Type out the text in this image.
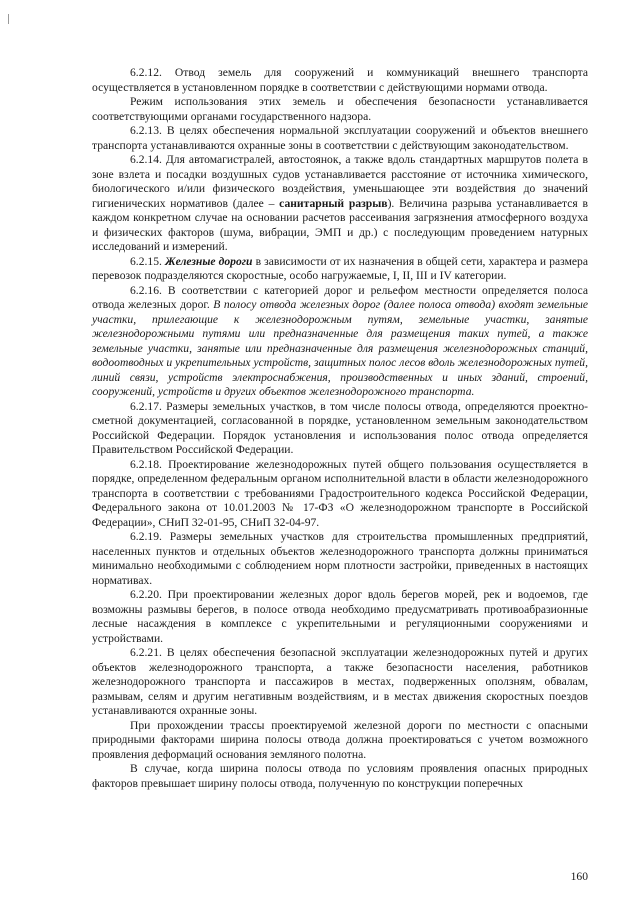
6.2.12. Отвод земель для сооружений и коммуникаций внешнего транспорта осуществляется в установленном порядке в соответствии с действующими нормами отвода.

Режим использования этих земель и обеспечения безопасности устанавливается соответствующими органами государственного надзора.

6.2.13. В целях обеспечения нормальной эксплуатации сооружений и объектов внешнего транспорта устанавливаются охранные зоны в соответствии с действующим законодательством.

6.2.14. Для автомагистралей, автостоянок, а также вдоль стандартных маршрутов полета в зоне взлета и посадки воздушных судов устанавливается расстояние от источника химического, биологического и/или физического воздействия, уменьшающее эти воздействия до значений гигиенических нормативов (далее – санитарный разрыв). Величина разрыва устанавливается в каждом конкретном случае на основании расчетов рассеивания загрязнения атмосферного воздуха и физических факторов (шума, вибрации, ЭМП и др.) с последующим проведением натурных исследований и измерений.

6.2.15. Железные дороги в зависимости от их назначения в общей сети, характера и размера перевозок подразделяются скоростные, особо нагружаемые, I, II, III и IV категории.

6.2.16. В соответствии с категорией дорог и рельефом местности определяется полоса отвода железных дорог. В полосу отвода железных дорог (далее полоса отвода) входят земельные участки, прилегающие к железнодорожным путям, земельные участки, занятые железнодорожными путями или предназначенные для размещения таких путей, а также земельные участки, занятые или предназначенные для размещения железнодорожных станций, водоотводных и укрепительных устройств, защитных полос лесов вдоль железнодорожных путей, линий связи, устройств электроснабжения, производственных и иных зданий, строений, сооружений, устройств и других объектов железнодорожного транспорта.

6.2.17. Размеры земельных участков, в том числе полосы отвода, определяются проектно-сметной документацией, согласованной в порядке, установленном земельным законодательством Российской Федерации. Порядок установления и использования полос отвода определяется Правительством Российской Федерации.

6.2.18. Проектирование железнодорожных путей общего пользования осуществляется в порядке, определенном федеральным органом исполнительной власти в области железнодорожного транспорта в соответствии с требованиями Градостроительного кодекса Российской Федерации, Федерального закона от 10.01.2003 № 17-ФЗ «О железнодорожном транспорте в Российской Федерации», СНиП 32-01-95, СНиП 32-04-97.

6.2.19. Размеры земельных участков для строительства промышленных предприятий, населенных пунктов и отдельных объектов железнодорожного транспорта должны приниматься минимально необходимыми с соблюдением норм плотности застройки, приведенных в настоящих нормативах.

6.2.20. При проектировании железных дорог вдоль берегов морей, рек и водоемов, где возможны размывы берегов, в полосе отвода необходимо предусматривать противоабразионные лесные насаждения в комплексе с укрепительными и регуляционными сооружениями и устройствами.

6.2.21. В целях обеспечения безопасной эксплуатации железнодорожных путей и других объектов железнодорожного транспорта, а также безопасности населения, работников железнодорожного транспорта и пассажиров в местах, подверженных оползням, обвалам, размывам, селям и другим негативным воздействиям, и в местах движения скоростных поездов устанавливаются охранные зоны.

При прохождении трассы проектируемой железной дороги по местности с опасными природными факторами ширина полосы отвода должна проектироваться с учетом возможного проявления деформаций основания земляного полотна.

В случае, когда ширина полосы отвода по условиям проявления опасных природных факторов превышает ширину полосы отвода, полученную по конструкции поперечных

160
